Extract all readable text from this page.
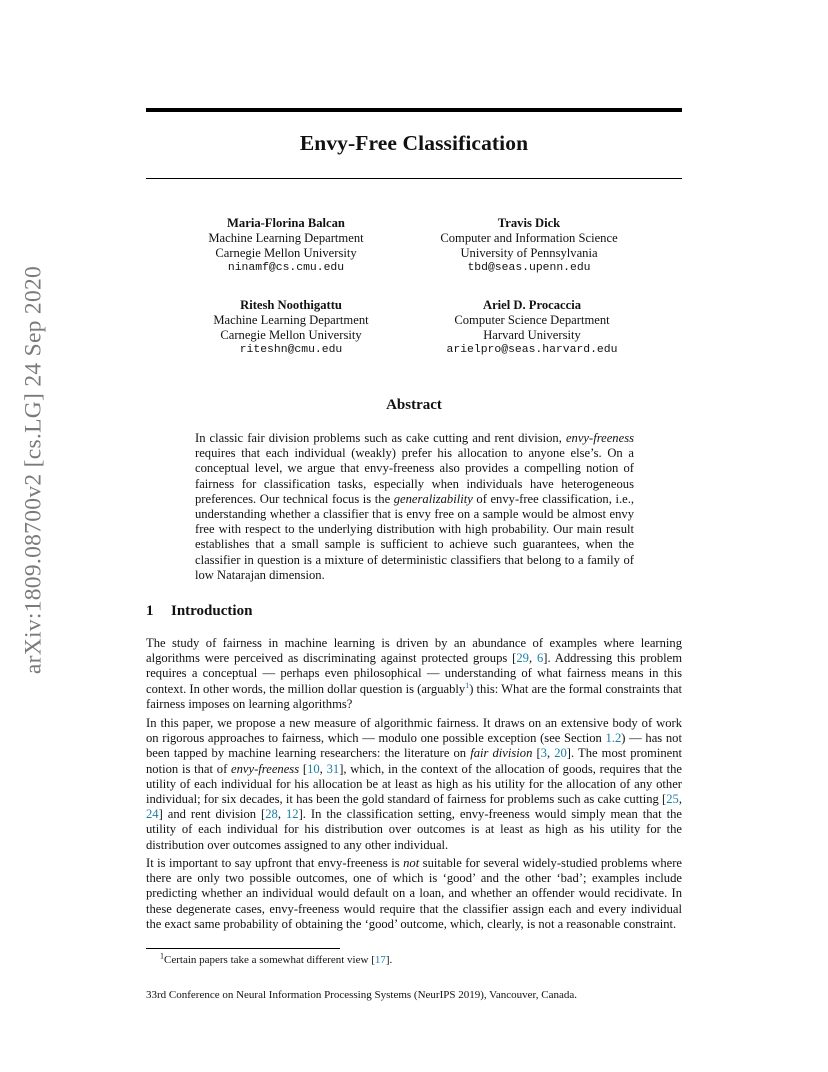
arXiv:1809.08700v2 [cs.LG] 24 Sep 2020
Envy-Free Classification
Maria-Florina Balcan
Machine Learning Department
Carnegie Mellon University
ninamf@cs.cmu.edu
Travis Dick
Computer and Information Science
University of Pennsylvania
tbd@seas.upenn.edu
Ritesh Noothigattu
Machine Learning Department
Carnegie Mellon University
riteshn@cmu.edu
Ariel D. Procaccia
Computer Science Department
Harvard University
arielpro@seas.harvard.edu
Abstract
In classic fair division problems such as cake cutting and rent division, envy-freeness requires that each individual (weakly) prefer his allocation to anyone else’s. On a conceptual level, we argue that envy-freeness also provides a compelling notion of fairness for classification tasks, especially when individuals have heterogeneous preferences. Our technical focus is the generalizability of envy-free classification, i.e., understanding whether a classifier that is envy free on a sample would be almost envy free with respect to the underlying distribution with high probability. Our main result establishes that a small sample is sufficient to achieve such guarantees, when the classifier in question is a mixture of deterministic classifiers that belong to a family of low Natarajan dimension.
1 Introduction
The study of fairness in machine learning is driven by an abundance of examples where learning algorithms were perceived as discriminating against protected groups [29, 6]. Addressing this problem requires a conceptual — perhaps even philosophical — understanding of what fairness means in this context. In other words, the million dollar question is (arguably$^1$) this: What are the formal constraints that fairness imposes on learning algorithms?
In this paper, we propose a new measure of algorithmic fairness. It draws on an extensive body of work on rigorous approaches to fairness, which — modulo one possible exception (see Section 1.2) — has not been tapped by machine learning researchers: the literature on fair division [3, 20]. The most prominent notion is that of envy-freeness [10, 31], which, in the context of the allocation of goods, requires that the utility of each individual for his allocation be at least as high as his utility for the allocation of any other individual; for six decades, it has been the gold standard of fairness for problems such as cake cutting [25, 24] and rent division [28, 12]. In the classification setting, envy-freeness would simply mean that the utility of each individual for his distribution over outcomes is at least as high as his utility for the distribution over outcomes assigned to any other individual.
It is important to say upfront that envy-freeness is not suitable for several widely-studied problems where there are only two possible outcomes, one of which is ‘good’ and the other ‘bad’; examples include predicting whether an individual would default on a loan, and whether an offender would recidivate. In these degenerate cases, envy-freeness would require that the classifier assign each and every individual the exact same probability of obtaining the ‘good’ outcome, which, clearly, is not a reasonable constraint.
$^1$Certain papers take a somewhat different view [17].
33rd Conference on Neural Information Processing Systems (NeurIPS 2019), Vancouver, Canada.
